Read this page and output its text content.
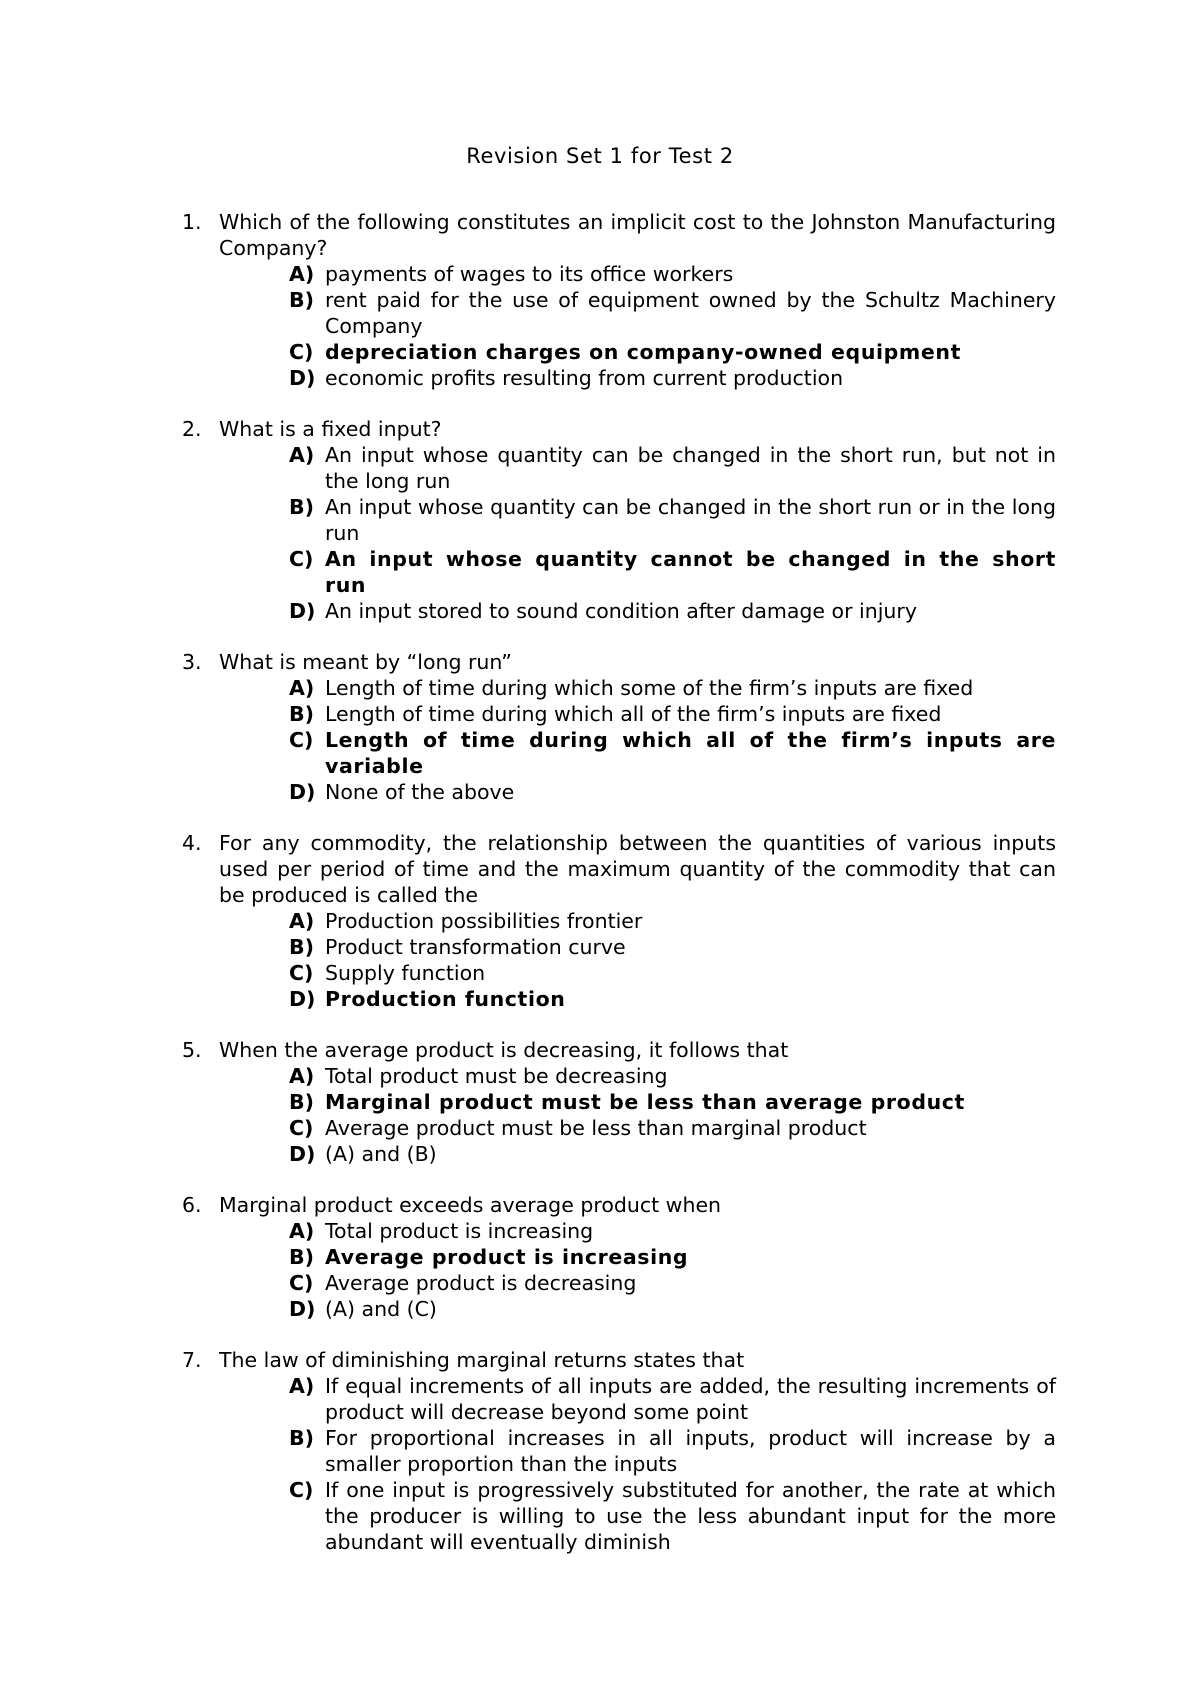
Revision Set 1 for Test 2
1. Which of the following constitutes an implicit cost to the Johnston Manufacturing Company?
A) payments of wages to its office workers
B) rent paid for the use of equipment owned by the Schultz Machinery Company
C) depreciation charges on company-owned equipment
D) economic profits resulting from current production
2. What is a fixed input?
A) An input whose quantity can be changed in the short run, but not in the long run
B) An input whose quantity can be changed in the short run or in the long run
C) An input whose quantity cannot be changed in the short run
D) An input stored to sound condition after damage or injury
3. What is meant by “long run”
A) Length of time during which some of the firm’s inputs are fixed
B) Length of time during which all of the firm’s inputs are fixed
C) Length of time during which all of the firm’s inputs are variable
D) None of the above
4. For any commodity, the relationship between the quantities of various inputs used per period of time and the maximum quantity of the commodity that can be produced is called the
A) Production possibilities frontier
B) Product transformation curve
C) Supply function
D) Production function
5. When the average product is decreasing, it follows that
A) Total product must be decreasing
B) Marginal product must be less than average product
C) Average product must be less than marginal product
D) (A) and (B)
6. Marginal product exceeds average product when
A) Total product is increasing
B) Average product is increasing
C) Average product is decreasing
D) (A) and (C)
7. The law of diminishing marginal returns states that
A) If equal increments of all inputs are added, the resulting increments of product will decrease beyond some point
B) For proportional increases in all inputs, product will increase by a smaller proportion than the inputs
C) If one input is progressively substituted for another, the rate at which the producer is willing to use the less abundant input for the more abundant will eventually diminish
